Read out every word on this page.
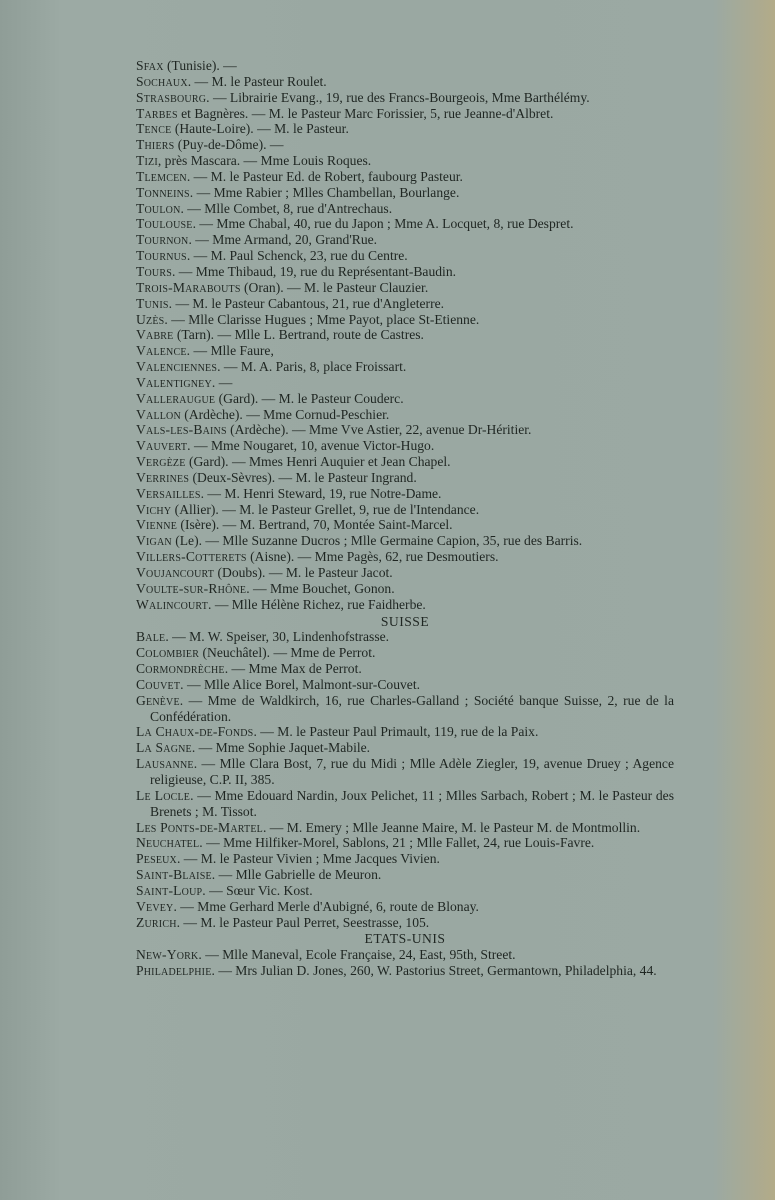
Sfax (Tunisie). —

Sochaux. — M. le Pasteur Roulet.

Strasbourg. — Librairie Evang., 19, rue des Francs-Bourgeois, Mme Barthélémy.

Tarbes et Bagnères. — M. le Pasteur Marc Forissier, 5, rue Jeanne-d'Albret.

Tence (Haute-Loire). — M. le Pasteur.

Thiers (Puy-de-Dôme). —

Tizi, près Mascara. — Mme Louis Roques.

Tlemcen. — M. le Pasteur Ed. de Robert, faubourg Pasteur.

Tonneins. — Mme Rabier ; Mlles Chambellan, Bourlange.

Toulon. — Mlle Combet, 8, rue d'Antrechaus.

Toulouse. — Mme Chabal, 40, rue du Japon ; Mme A. Locquet, 8, rue Despret.

Tournon. — Mme Armand, 20, Grand'Rue.

Tournus. — M. Paul Schenck, 23, rue du Centre.

Tours. — Mme Thibaud, 19, rue du Représentant-Baudin.

Trois-Marabouts (Oran). — M. le Pasteur Clauzier.

Tunis. — M. le Pasteur Cabantous, 21, rue d'Angleterre.

Uzès. — Mlle Clarisse Hugues ; Mme Payot, place St-Etienne.

Vabre (Tarn). — Mlle L. Bertrand, route de Castres.

Valence. — Mlle Faure,

Valenciennes. — M. A. Paris, 8, place Froissart.

Valentigney. —

Valleraugue (Gard). — M. le Pasteur Couderc.

Vallon (Ardèche). — Mme Cornud-Peschier.

Vals-les-Bains (Ardèche). — Mme Vve Astier, 22, avenue Dr-Héritier.

Vauvert. — Mme Nougaret, 10, avenue Victor-Hugo.

Vergèze (Gard). — Mmes Henri Auquier et Jean Chapel.

Verrines (Deux-Sèvres). — M. le Pasteur Ingrand.

Versailles. — M. Henri Steward, 19, rue Notre-Dame.

Vichy (Allier). — M. le Pasteur Grellet, 9, rue de l'Intendance.

Vienne (Isère). — M. Bertrand, 70, Montée Saint-Marcel.

Vigan (Le). — Mlle Suzanne Ducros ; Mlle Germaine Capion, 35, rue des Barris.

Villers-Cotterets (Aisne). — Mme Pagès, 62, rue Desmoutiers.

Voujancourt (Doubs). — M. le Pasteur Jacot.

Voulte-sur-Rhône. — Mme Bouchet, Gonon.

Walincourt. — Mlle Hélène Richez, rue Faidherbe.

SUISSE

Bale. — M. W. Speiser, 30, Lindenhofstrasse.

Colombier (Neuchâtel). — Mme de Perrot.

Cormondrèche. — Mme Max de Perrot.

Couvet. — Mlle Alice Borel, Malmont-sur-Couvet.

Genève. — Mme de Waldkirch, 16, rue Charles-Galland ; Société banque Suisse, 2, rue de la Confédération.

La Chaux-de-Fonds. — M. le Pasteur Paul Primault, 119, rue de la Paix.

La Sagne. — Mme Sophie Jaquet-Mabile.

Lausanne. — Mlle Clara Bost, 7, rue du Midi ; Mlle Adèle Ziegler, 19, avenue Druey ; Agence religieuse, C.P. II, 385.

Le Locle. — Mme Edouard Nardin, Joux Pelichet, 11 ; Mlles Sarbach, Robert ; M. le Pasteur des Brenets ; M. Tissot.

Les Ponts-de-Martel. — M. Emery ; Mlle Jeanne Maire, M. le Pasteur M. de Montmollin.

Neuchatel. — Mme Hilfiker-Morel, Sablons, 21 ; Mlle Fallet, 24, rue Louis-Favre.

Peseux. — M. le Pasteur Vivien ; Mme Jacques Vivien.

Saint-Blaise. — Mlle Gabrielle de Meuron.

Saint-Loup. — Sœur Vic. Kost.

Vevey. — Mme Gerhard Merle d'Aubigné, 6, route de Blonay.

Zurich. — M. le Pasteur Paul Perret, Seestrasse, 105.

ETATS-UNIS

New-York. — Mlle Maneval, Ecole Française, 24, East, 95th, Street.

Philadelphie. — Mrs Julian D. Jones, 260, W. Pastorius Street, Germantown, Philadelphia, 44.
